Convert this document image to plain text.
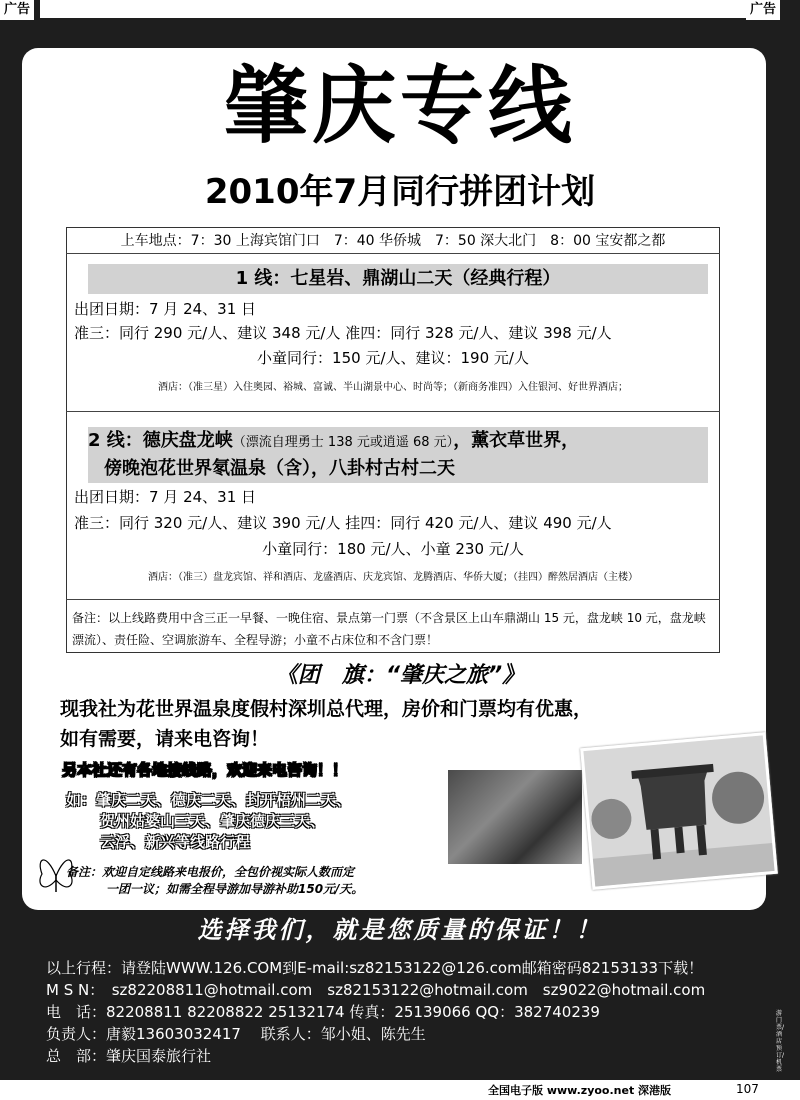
广告	广告
肇庆专线
2010年7月同行拼团计划
上车地点：7：30 上海宾馆门口　7：40 华侨城　7：50 深大北门　8：00 宝安都之都
1 线：七星岩、鼎湖山二天（经典行程）
出团日期：7 月 24、31 日
准三：同行 290 元/人、建议 348 元/人 准四：同行 328 元/人、建议 398 元/人
小童同行：150 元/人、建议：190 元/人
酒店：（准三星）入住奥园、裕城、富诚、半山湖景中心、时尚等；（新商务准四）入住银河、好世界酒店；
2 线：德庆盘龙峡（漂流自理勇士 138 元或逍遥 68 元），薰衣草世界，
傍晚泡花世界氡温泉（含），八卦村古村二天
出团日期：7 月 24、31 日
准三：同行 320 元/人、建议 390 元/人 挂四：同行 420 元/人、建议 490 元/人
小童同行：180 元/人、小童 230 元/人
酒店：（准三）盘龙宾馆、祥和酒店、龙盛酒店、庆龙宾馆、龙腾酒店、华侨大厦；（挂四）醉然居酒店（主楼）
备注：以上线路费用中含三正一早餐、一晚住宿、景点第一门票（不含景区上山车鼎湖山 15 元，盘龙峡 10 元，盘龙峡漂流）、责任险、空调旅游车、全程导游；小童不占床位和不含门票！
《团　旗：“肇庆之旅”》
现我社为花世界温泉度假村深圳总代理，房价和门票均有优惠，
如有需要，请来电咨询！
另本社还有各地接线路，欢迎来电咨询！！
如：肇庆二天、德庆二天、封开梧州二天、
贺州姑婆山三天、肇庆德庆三天、
云浮、新兴等线路行程
备注：欢迎自定线路来电报价，全包价视实际人数而定
一团一议；如需全程导游加导游补助150元/天。
选择我们，就是您质量的保证！！
以上行程：请登陆WWW.126.COM到E-mail:sz82153122@126.com邮箱密码82153133下载！
M S N：　sz82208811@hotmail.com　sz82153122@hotmail.com　sz9022@hotmail.com
电　话：82208811 82208822 25132174 传真：25139066 QQ：382740239
负责人：唐毅13603032417　 联系人：邹小姐、陈先生
总　部：肇庆国泰旅行社
游门票/酒店预订/机票
全国电子版 www.zyoo.net 深港版	107
